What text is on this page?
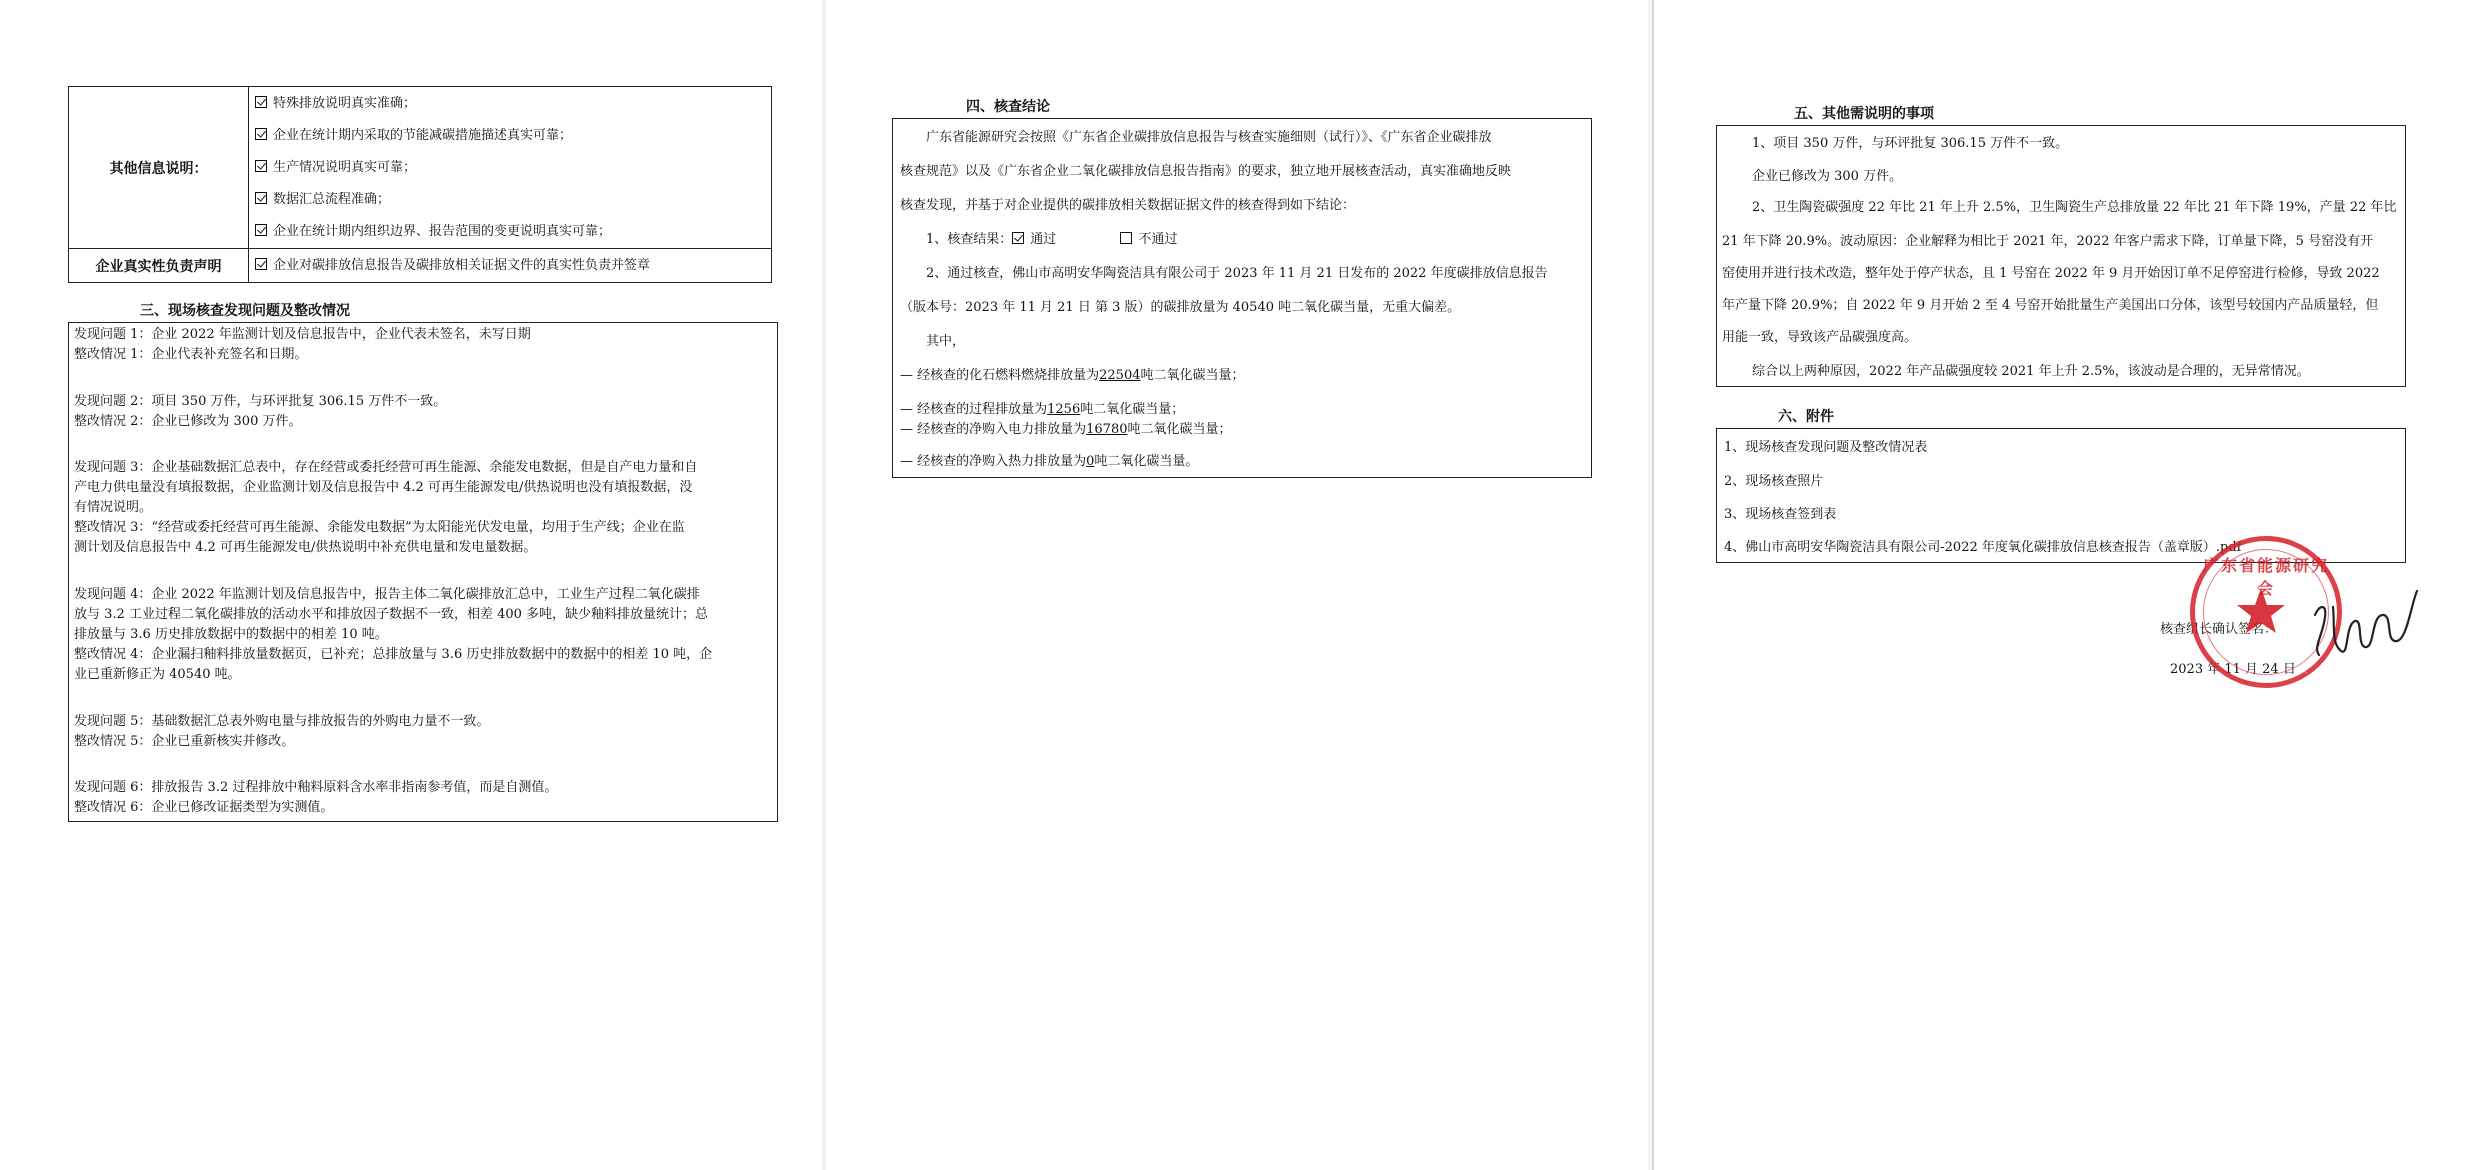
其他信息说明：	特殊排放说明真实准确；
企业在统计期内采取的节能减碳措施描述真实可靠；
生产情况说明真实可靠；
数据汇总流程准确；
企业在统计期内组织边界、报告范围的变更说明真实可靠；

企业真实性负责声明	企业对碳排放信息报告及碳排放相关证据文件的真实性负责并签章
三、现场核查发现问题及整改情况
发现问题 1：企业 2022 年监测计划及信息报告中，企业代表未签名，未写日期
整改情况 1：企业代表补充签名和日期。
发现问题 2：项目 350 万件，与环评批复 306.15 万件不一致。
整改情况 2：企业已修改为 300 万件。
发现问题 3：企业基础数据汇总表中，存在经营或委托经营可再生能源、余能发电数据，但是自产电力量和自
产电力供电量没有填报数据，企业监测计划及信息报告中 4.2 可再生能源发电/供热说明也没有填报数据，没
有情况说明。
整改情况 3：“经营或委托经营可再生能源、余能发电数据”为太阳能光伏发电量，均用于生产线；企业在监
测计划及信息报告中 4.2 可再生能源发电/供热说明中补充供电量和发电量数据。
发现问题 4：企业 2022 年监测计划及信息报告中，报告主体二氧化碳排放汇总中，工业生产过程二氧化碳排
放与 3.2 工业过程二氧化碳排放的活动水平和排放因子数据不一致，相差 400 多吨，缺少釉料排放量统计；总
排放量与 3.6 历史排放数据中的数据中的相差 10 吨。
整改情况 4：企业漏扫釉料排放量数据页，已补充；总排放量与 3.6 历史排放数据中的数据中的相差 10 吨，企
业已重新修正为 40540 吨。
发现问题 5：基础数据汇总表外购电量与排放报告的外购电力量不一致。
整改情况 5：企业已重新核实并修改。
发现问题 6：排放报告 3.2 过程排放中釉料原料含水率非指南参考值，而是自测值。
整改情况 6：企业已修改证据类型为实测值。
四、核查结论
广东省能源研究会按照《广东省企业碳排放信息报告与核查实施细则（试行）》、《广东省企业碳排放
核查规范》以及《广东省企业二氧化碳排放信息报告指南》的要求，独立地开展核查活动，真实准确地反映
核查发现，并基于对企业提供的碳排放相关数据证据文件的核查得到如下结论：
1、核查结果： 通过	不通过
2、通过核查，佛山市高明安华陶瓷洁具有限公司于 2023 年 11 月 21 日发布的 2022 年度碳排放信息报告
（版本号：2023 年 11 月 21 日 第 3 版）的碳排放量为 40540 吨二氧化碳当量，无重大偏差。
其中，
— 经核查的化石燃料燃烧排放量为22504吨二氧化碳当量；
— 经核查的过程排放量为1256吨二氧化碳当量；
— 经核查的净购入电力排放量为16780吨二氧化碳当量；
— 经核查的净购入热力排放量为0吨二氧化碳当量。
五、其他需说明的事项
1、项目 350 万件，与环评批复 306.15 万件不一致。
企业已修改为 300 万件。
2、卫生陶瓷碳强度 22 年比 21 年上升 2.5%，卫生陶瓷生产总排放量 22 年比 21 年下降 19%，产量 22 年比
21 年下降 20.9%。波动原因：企业解释为相比于 2021 年，2022 年客户需求下降，订单量下降，5 号窑没有开
窑使用并进行技术改造，整年处于停产状态，且 1 号窑在 2022 年 9 月开始因订单不足停窑进行检修，导致 2022
年产量下降 20.9%；自 2022 年 9 月开始 2 至 4 号窑开始批量生产美国出口分体，该型号较国内产品质量轻，但
用能一致，导致该产品碳强度高。
综合以上两种原因，2022 年产品碳强度较 2021 年上升 2.5%，该波动是合理的，无异常情况。
六、附件
1、现场核查发现问题及整改情况表
2、现场核查照片
3、现场核查签到表
4、佛山市高明安华陶瓷洁具有限公司-2022 年度氧化碳排放信息核查报告（盖章版）.pdf
核查组长确认签名：
2023 年 11 月 24 日
广东省能源研究会
陈包
